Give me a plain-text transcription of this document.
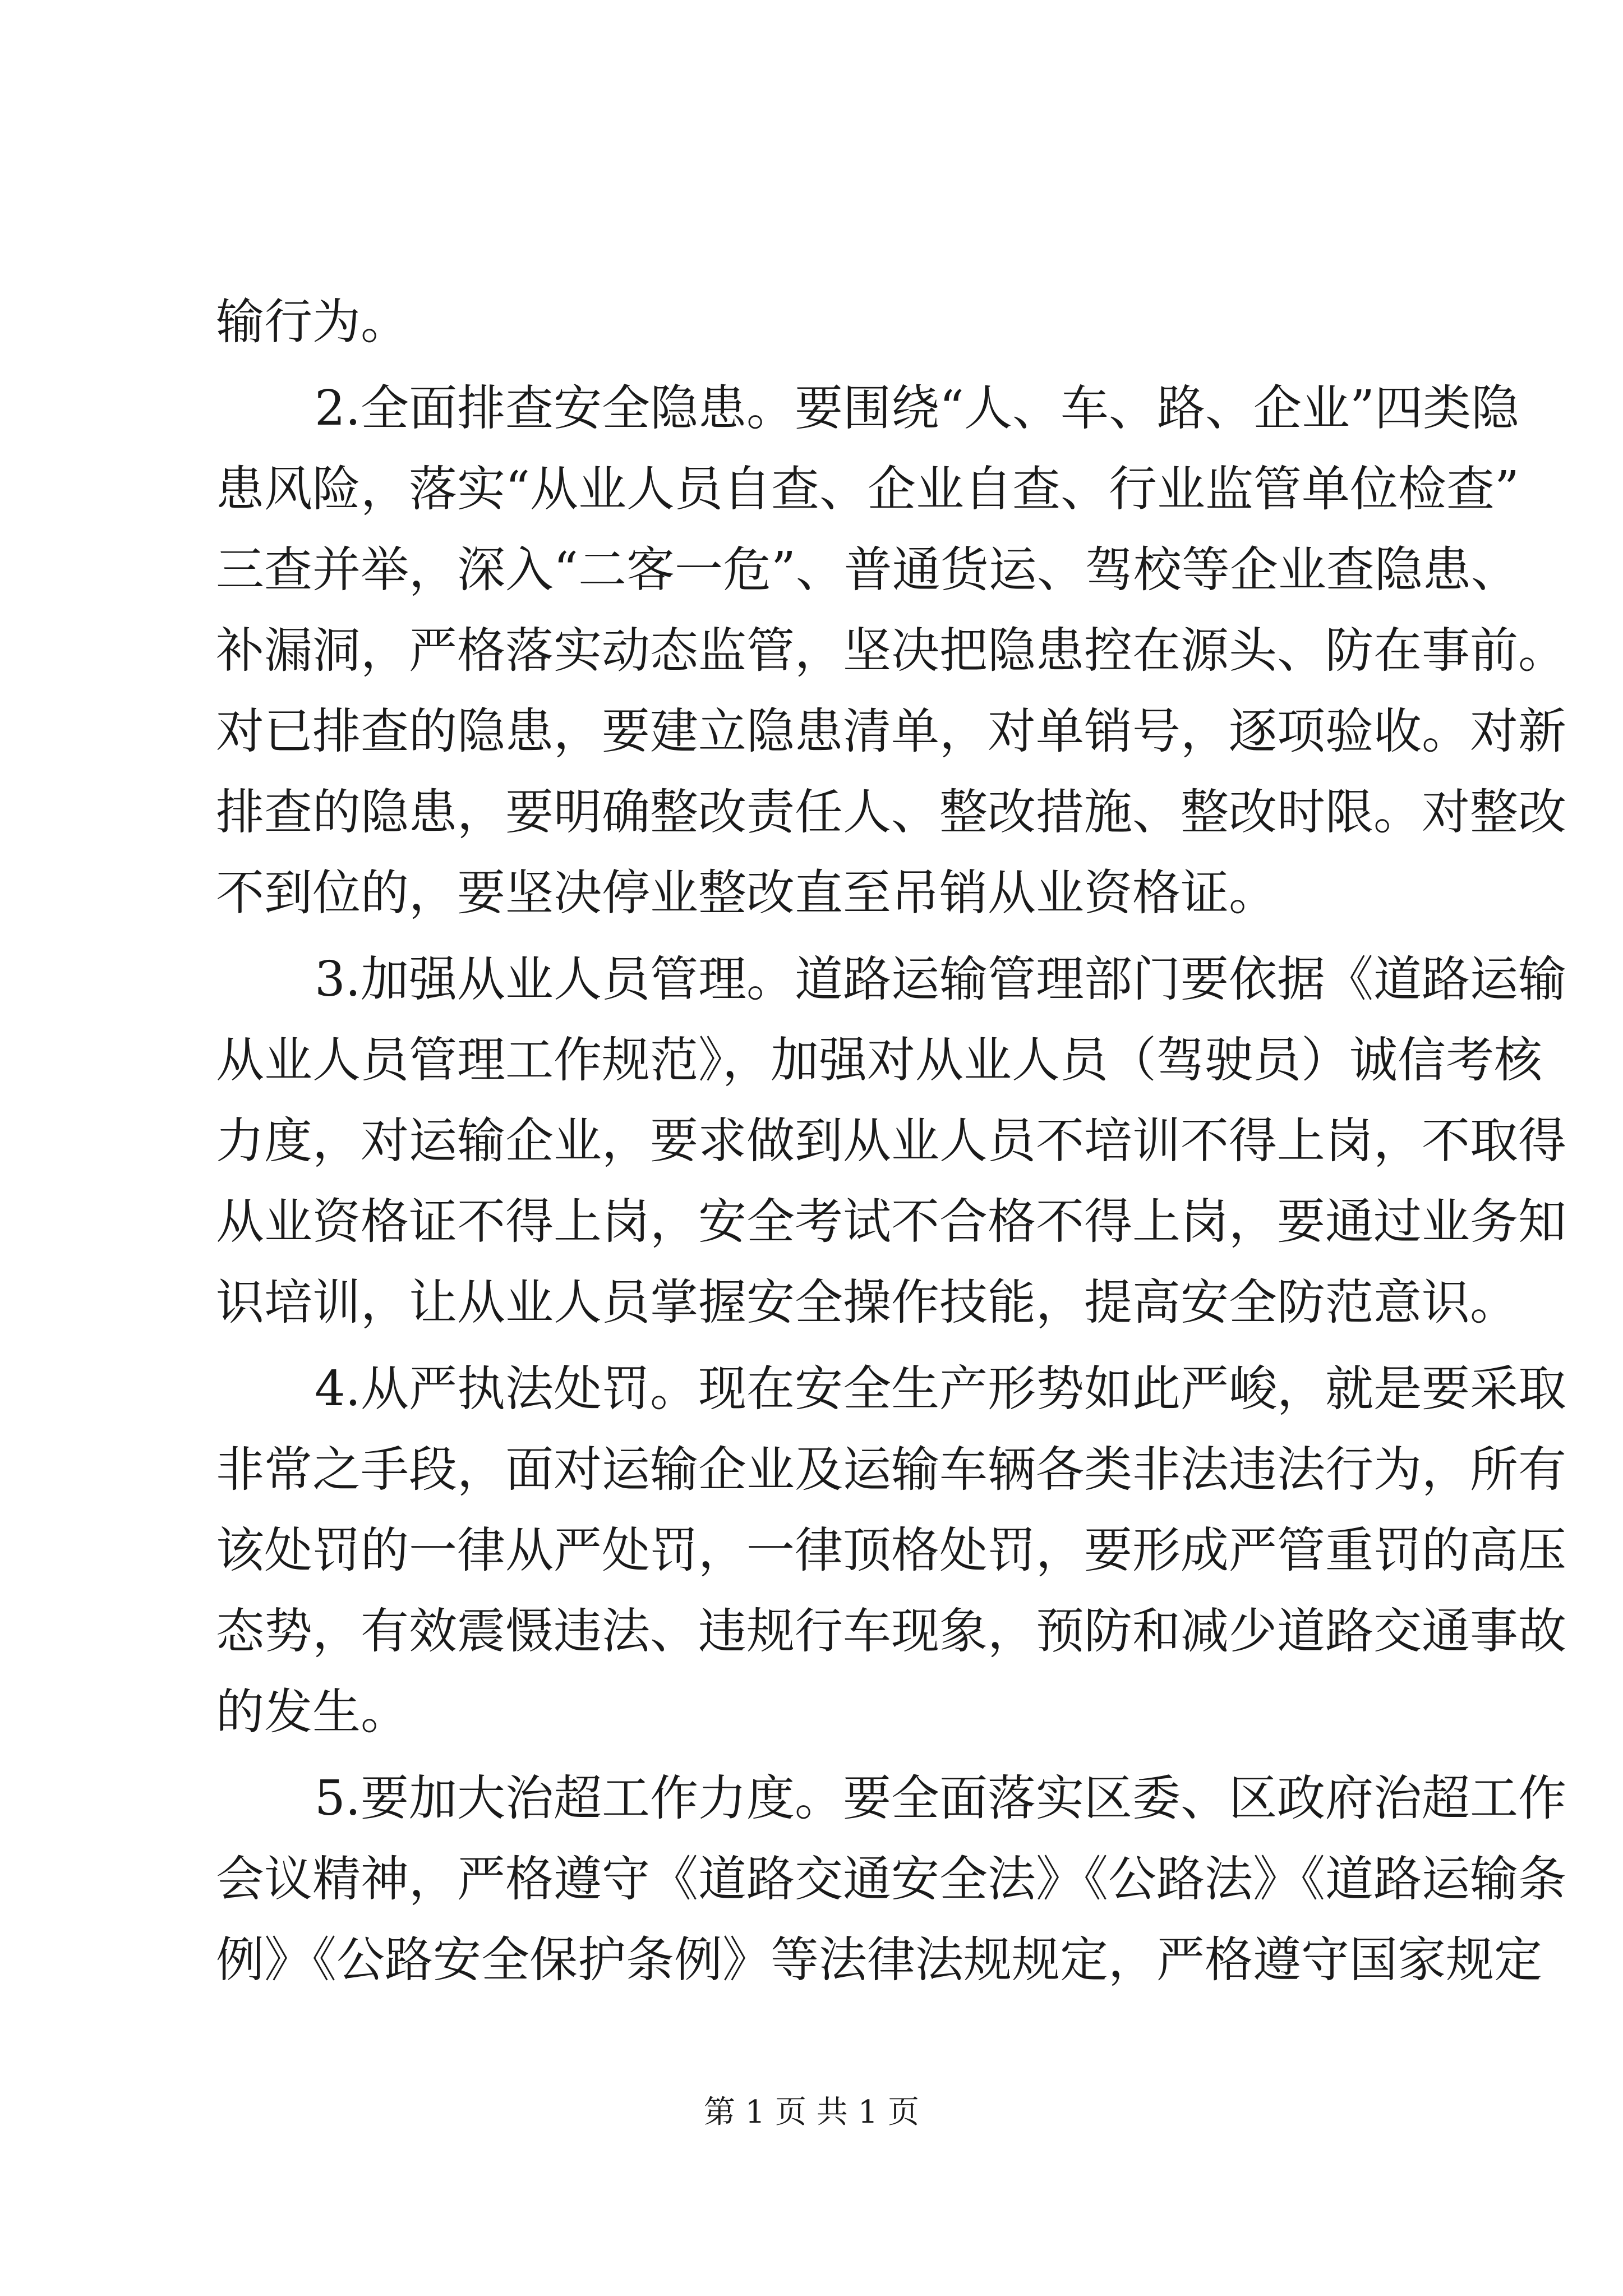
输行为。
2.全面排查安全隐患。要围绕“人、车、路、企业”四类隐
患风险，落实“从业人员自查、企业自查、行业监管单位检查”
三查并举，深入“二客一危”、普通货运、驾校等企业查隐患、
补漏洞，严格落实动态监管，坚决把隐患控在源头、防在事前。
对已排查的隐患，要建立隐患清单，对单销号，逐项验收。对新
排查的隐患，要明确整改责任人、整改措施、整改时限。对整改
不到位的，要坚决停业整改直至吊销从业资格证。
3.加强从业人员管理。道路运输管理部门要依据《道路运输
从业人员管理工作规范》，加强对从业人员（驾驶员）诚信考核
力度，对运输企业，要求做到从业人员不培训不得上岗，不取得
从业资格证不得上岗，安全考试不合格不得上岗，要通过业务知
识培训，让从业人员掌握安全操作技能，提高安全防范意识。
4.从严执法处罚。现在安全生产形势如此严峻，就是要采取
非常之手段，面对运输企业及运输车辆各类非法违法行为，所有
该处罚的一律从严处罚，一律顶格处罚，要形成严管重罚的高压
态势，有效震慑违法、违规行车现象，预防和减少道路交通事故
的发生。
5.要加大治超工作力度。要全面落实区委、区政府治超工作
会议精神，严格遵守《道路交通安全法》《公路法》《道路运输条
例》《公路安全保护条例》等法律法规规定，严格遵守国家规定
第 1 页 共 1 页
